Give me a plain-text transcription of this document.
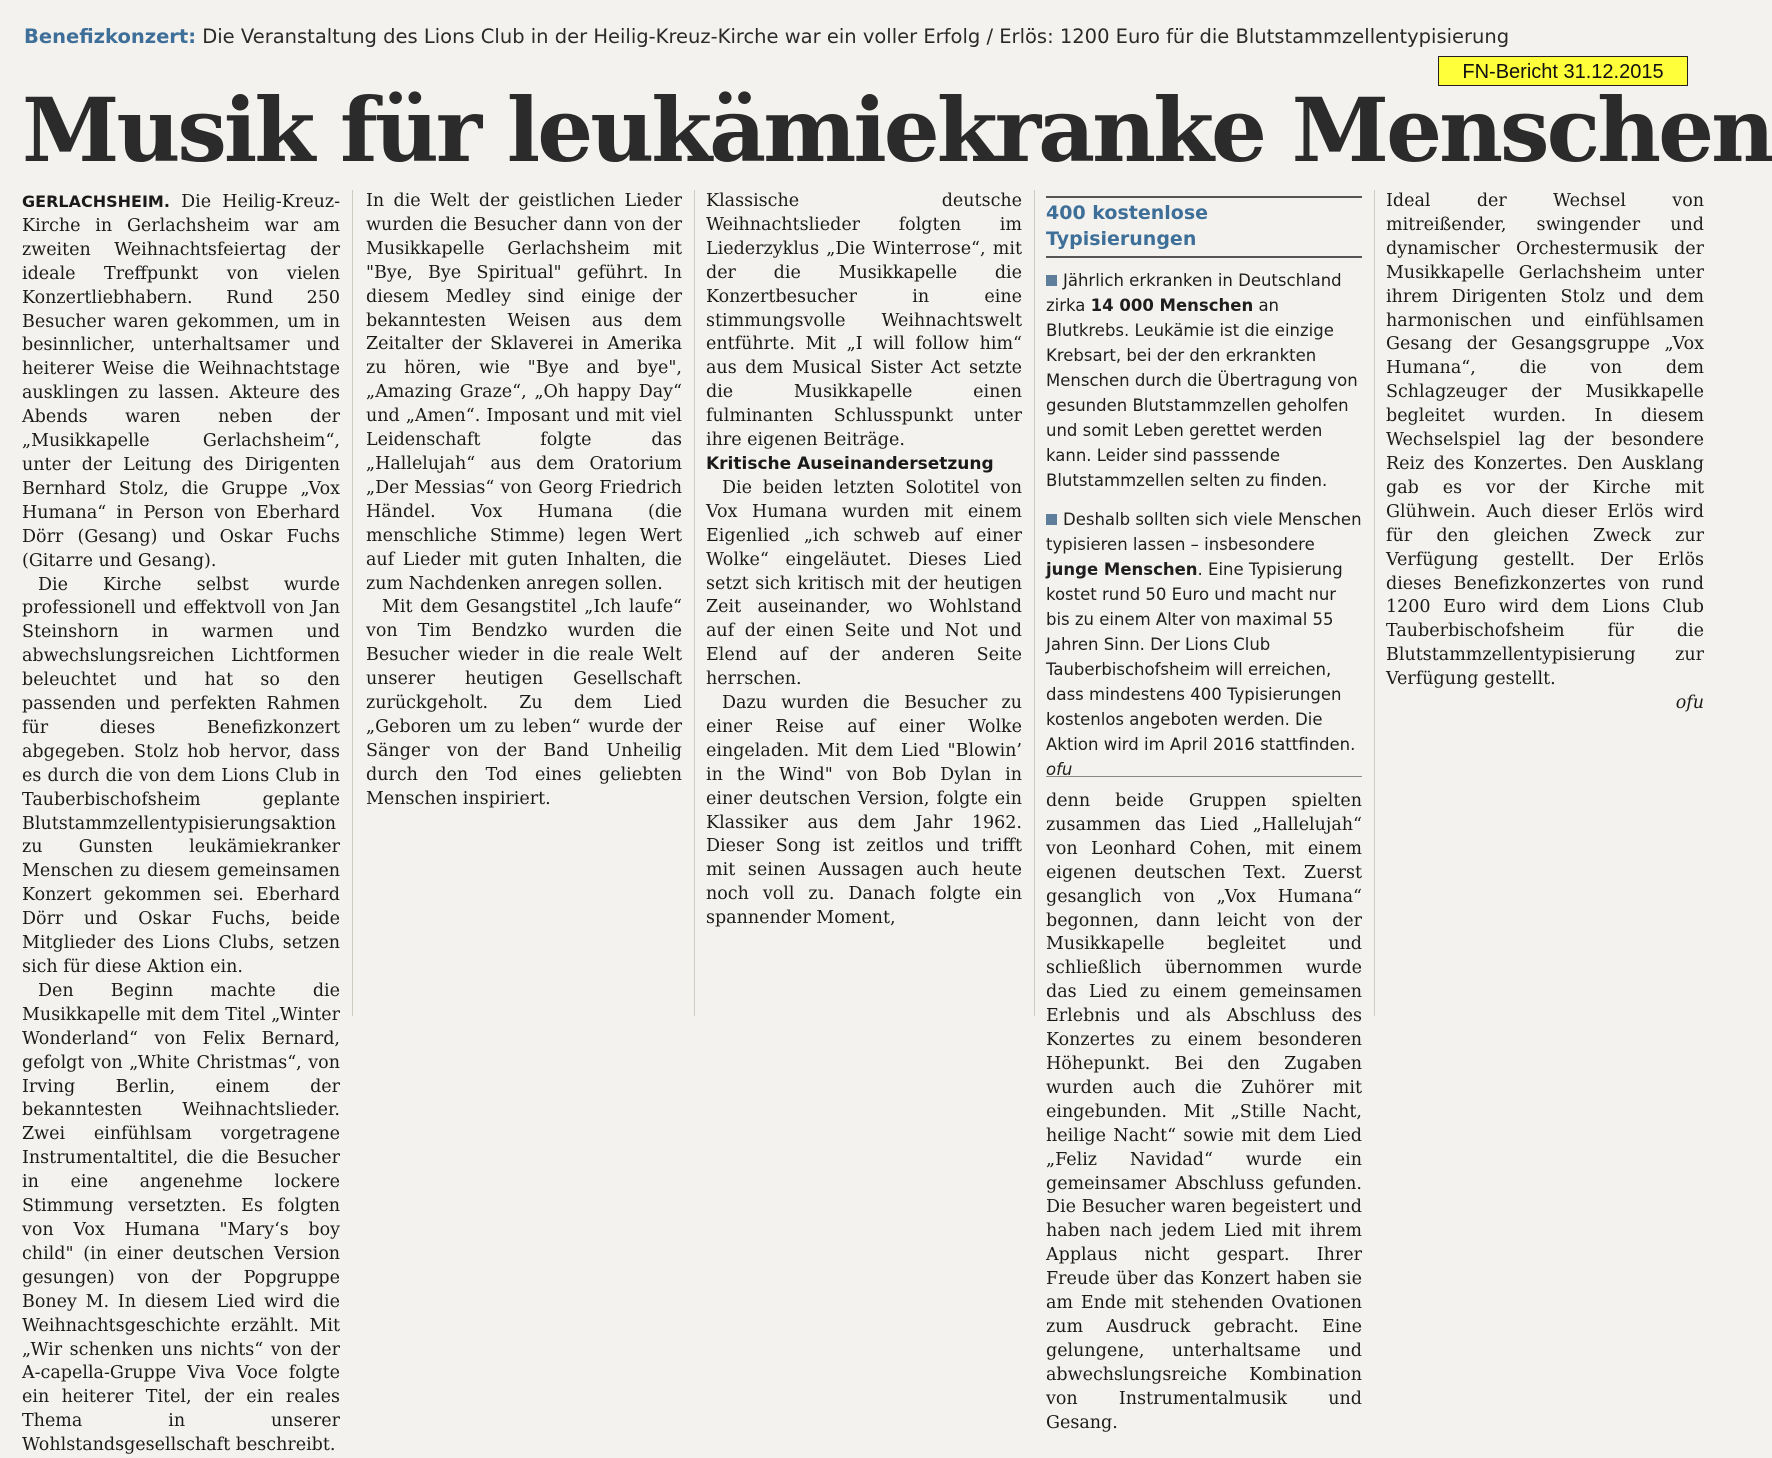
Benefizkonzert: Die Veranstaltung des Lions Club in der Heilig-Kreuz-Kirche war ein voller Erfolg / Erlös: 1200 Euro für die Blutstammzellentypisierung
FN-Bericht 31.12.2015
Musik für leukämiekranke Menschen

GERLACHSHEIM. Die Heilig-Kreuz-Kirche in Gerlachsheim war am zweiten Weihnachtsfeiertag der ideale Treffpunkt von vielen Konzertliebhabern. Rund 250 Besucher waren gekommen, um in besinnlicher, unterhaltsamer und heiterer Weise die Weihnachtstage ausklingen zu lassen. Akteure des Abends waren neben der „Musikkapelle Gerlachsheim“, unter der Leitung des Dirigenten Bernhard Stolz, die Gruppe „Vox Humana“ in Person von Eberhard Dörr (Gesang) und Oskar Fuchs (Gitarre und Gesang).

Die Kirche selbst wurde professionell und effektvoll von Jan Steinshorn in warmen und abwechslungsreichen Lichtformen beleuchtet und hat so den passenden und perfekten Rahmen für dieses Benefizkonzert abgegeben. Stolz hob hervor, dass es durch die von dem Lions Club in Tauberbischofsheim geplante Blutstammzellentypisierungsaktion zu Gunsten leukämiekranker Menschen zu diesem gemeinsamen Konzert gekommen sei. Eberhard Dörr und Oskar Fuchs, beide Mitglieder des Lions Clubs, setzen sich für diese Aktion ein.

Den Beginn machte die Musikkapelle mit dem Titel „Winter Wonderland“ von Felix Bernard, gefolgt von „White Christmas“, von Irving Berlin, einem der bekanntesten Weihnachtslieder. Zwei einfühlsam vorgetragene Instrumentaltitel, die die Besucher in eine angenehme lockere Stimmung versetzten. Es folgten von Vox Humana "Mary‘s boy child" (in einer deutschen Version gesungen) von der Popgruppe Boney M. In diesem Lied wird die Weihnachtsgeschichte erzählt. Mit „Wir schenken uns nichts“ von der A-capella-Gruppe Viva Voce folgte ein heiterer Titel, der ein reales Thema in unserer Wohlstandsgesellschaft beschreibt.

In die Welt der geistlichen Lieder wurden die Besucher dann von der Musikkapelle Gerlachsheim mit "Bye, Bye Spiritual" geführt. In diesem Medley sind einige der bekanntesten Weisen aus dem Zeitalter der Sklaverei in Amerika zu hören, wie "Bye and bye", „Amazing Graze“, „Oh happy Day“ und „Amen“. Imposant und mit viel Leidenschaft folgte das „Hallelujah“ aus dem Oratorium „Der Messias“ von Georg Friedrich Händel. Vox Humana (die menschliche Stimme) legen Wert auf Lieder mit guten Inhalten, die zum Nachdenken anregen sollen.

Mit dem Gesangstitel „Ich laufe“ von Tim Bendzko wurden die Besucher wieder in die reale Welt unserer heutigen Gesellschaft zurückgeholt. Zu dem Lied „Geboren um zu leben“ wurde der Sänger von der Band Unheilig durch den Tod eines geliebten Menschen inspiriert.

Klassische deutsche Weihnachtslieder folgten im Liederzyklus „Die Winterrose“, mit der die Musikkapelle die Konzertbesucher in eine stimmungsvolle Weihnachtswelt entführte. Mit „I will follow him“ aus dem Musical Sister Act setzte die Musikkapelle einen fulminanten Schlusspunkt unter ihre eigenen Beiträge.

Kritische Auseinandersetzung

Die beiden letzten Solotitel von Vox Humana wurden mit einem Eigenlied „ich schweb auf einer Wolke“ eingeläutet. Dieses Lied setzt sich kritisch mit der heutigen Zeit auseinander, wo Wohlstand auf der einen Seite und Not und Elend auf der anderen Seite herrschen.

Dazu wurden die Besucher zu einer Reise auf einer Wolke eingeladen. Mit dem Lied "Blowin’ in the Wind" von Bob Dylan in einer deutschen Version, folgte ein Klassiker aus dem Jahr 1962. Dieser Song ist zeitlos und trifft mit seinen Aussagen auch heute noch voll zu. Danach folgte ein spannender Moment,

400 kostenlose Typisierungen

Jährlich erkranken in Deutschland zirka 14 000 Menschen an Blutkrebs. Leukämie ist die einzige Krebsart, bei der den erkrankten Menschen durch die Übertragung von gesunden Blutstammzellen geholfen und somit Leben gerettet werden kann. Leider sind passsende Blutstammzellen selten zu finden.

Deshalb sollten sich viele Menschen typisieren lassen – insbesondere junge Menschen. Eine Typisierung kostet rund 50 Euro und macht nur bis zu einem Alter von maximal 55 Jahren Sinn. Der Lions Club Tauberbischofsheim will erreichen, dass mindestens 400 Typisierungen kostenlos angeboten werden. Die Aktion wird im April 2016 stattfinden. ofu

denn beide Gruppen spielten zusammen das Lied „Hallelujah“ von Leonhard Cohen, mit einem eigenen deutschen Text. Zuerst gesanglich von „Vox Humana“ begonnen, dann leicht von der Musikkapelle begleitet und schließlich übernommen wurde das Lied zu einem gemeinsamen Erlebnis und als Abschluss des Konzertes zu einem besonderen Höhepunkt. Bei den Zugaben wurden auch die Zuhörer mit eingebunden. Mit „Stille Nacht, heilige Nacht“ sowie mit dem Lied „Feliz Navidad“ wurde ein gemeinsamer Abschluss gefunden. Die Besucher waren begeistert und haben nach jedem Lied mit ihrem Applaus nicht gespart. Ihrer Freude über das Konzert haben sie am Ende mit stehenden Ovationen zum Ausdruck gebracht. Eine gelungene, unterhaltsame und abwechslungsreiche Kombination von Instrumentalmusik und Gesang.

Ideal der Wechsel von mitreißender, swingender und dynamischer Orchestermusik der Musikkapelle Gerlachsheim unter ihrem Dirigenten Stolz und dem harmonischen und einfühlsamen Gesang der Gesangsgruppe „Vox Humana“, die von dem Schlagzeuger der Musikkapelle begleitet wurden. In diesem Wechselspiel lag der besondere Reiz des Konzertes. Den Ausklang gab es vor der Kirche mit Glühwein. Auch dieser Erlös wird für den gleichen Zweck zur Verfügung gestellt. Der Erlös dieses Benefizkonzertes von rund 1200 Euro wird dem Lions Club Tauberbischofsheim für die Blutstammzellentypisierung zur Verfügung gestellt.

ofu
